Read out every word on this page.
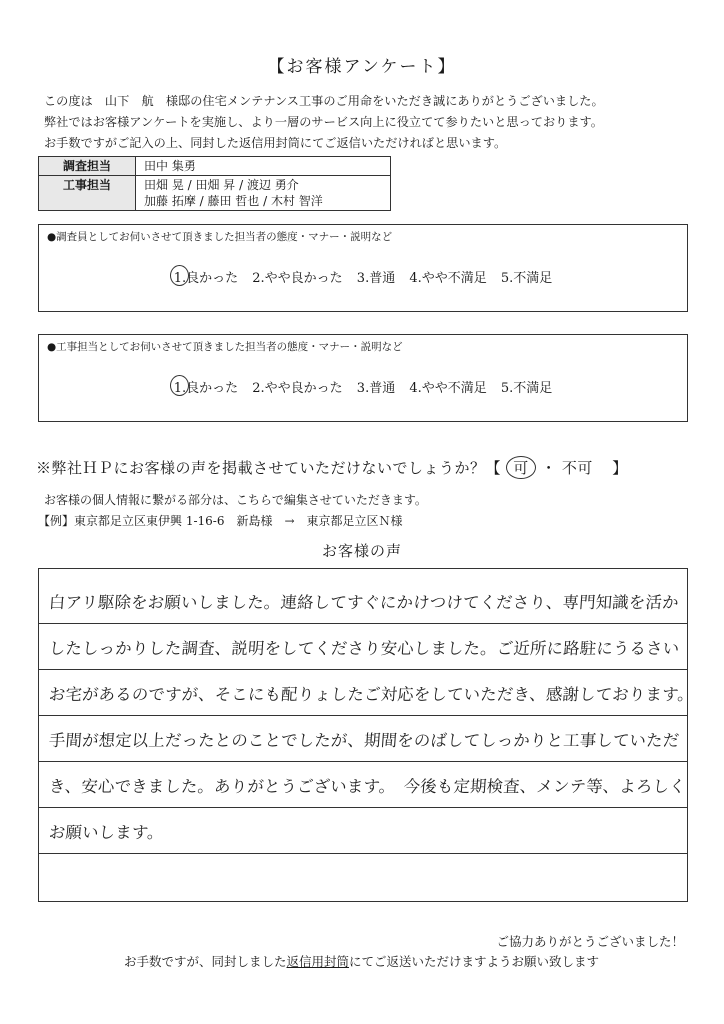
【お客様アンケート】
この度は　山下　航　様邸の住宅メンテナンス工事のご用命をいただき誠にありがとうございました。
弊社ではお客様アンケートを実施し、より一層のサービス向上に役立てて参りたいと思っております。
お手数ですがご記入の上、同封した返信用封筒にてご返信いただければと思います。
調査担当	田中 集勇
工事担当	田畑 晃 / 田畑 昇 / 渡辺 勇介
加藤 拓摩 / 藤田 哲也 / 木村 智洋
●調査員としてお伺いさせて頂きました担当者の態度・マナー・説明など
1.良かった 2.やや良かった 3.普通 4.やや不満足 5.不満足
●工事担当としてお伺いさせて頂きました担当者の態度・マナー・説明など
1.良かった 2.やや良かった 3.普通 4.やや不満足 5.不満足
※弊社ＨＰにお客様の声を掲載させていただけないでしょうか？【 可 ・ 不可 】
お客様の個人情報に繋がる部分は、こちらで編集させていただきます。
【例】東京都足立区東伊興 1-16-6　新島様　→　東京都足立区Ｎ様
お客様の声
白アリ駆除をお願いしました。連絡してすぐにかけつけてくださり、専門知識を活か
したしっかりした調査、説明をしてくださり安心しました。ご近所に路駐にうるさい
お宅があるのですが、そこにも配りょしたご対応をしていただき、感謝しております。
手間が想定以上だったとのことでしたが、期間をのばしてしっかりと工事していただ
き、安心できました。ありがとうございます。　今後も定期検査、メンテ等、よろしく
お願いします。
ご協力ありがとうございました！
お手数ですが、同封しました返信用封筒にてご返送いただけますようお願い致します
